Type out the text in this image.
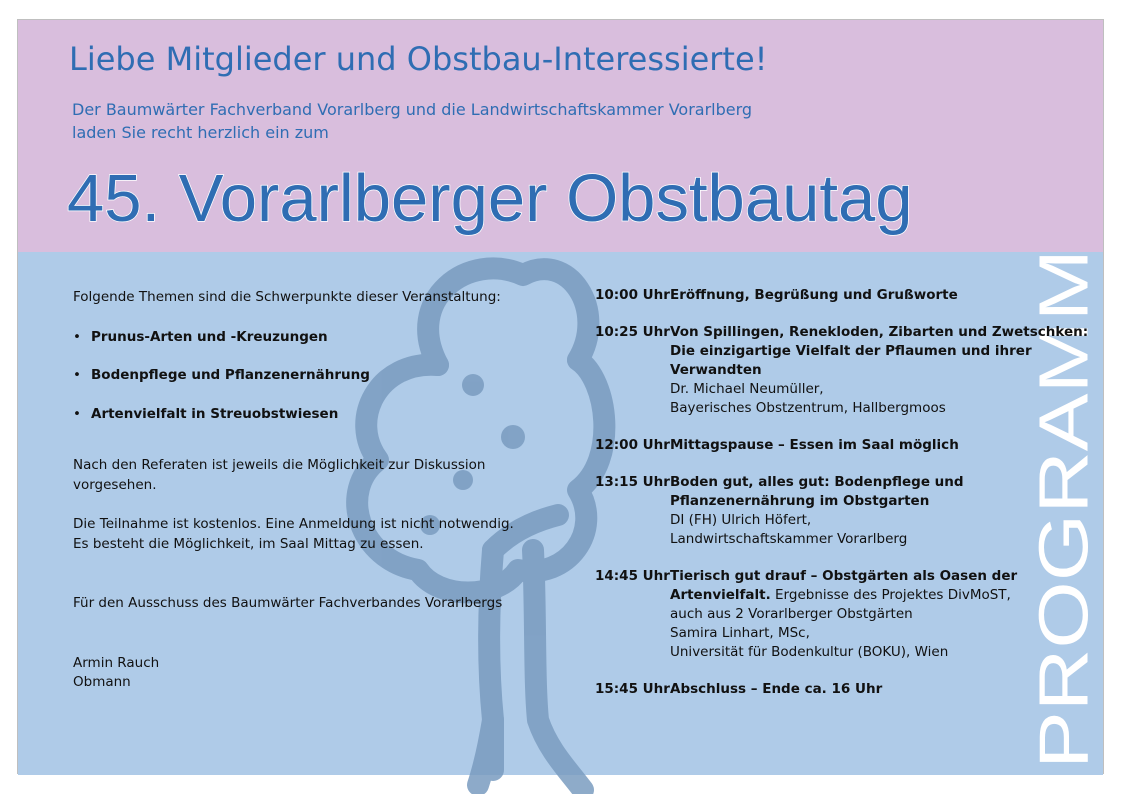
Liebe Mitglieder und Obstbau-Interessierte!
Der Baumwärter Fachverband Vorarlberg und die Landwirtschaftskammer Vorarlberg
laden Sie recht herzlich ein zum
45. Vorarlberger Obstbautag
PROGRAMM

Folgende Themen sind die Schwerpunkte dieser Veranstaltung:

• Prunus-Arten und -Kreuzungen
• Bodenpflege und Pflanzenernährung
• Artenvielfalt in Streuobstwiesen

Nach den Referaten ist jeweils die Möglichkeit zur Diskussion

vorgesehen.

Die Teilnahme ist kostenlos. Eine Anmeldung ist nicht notwendig.

Es besteht die Möglichkeit, im Saal Mittag zu essen.

Für den Ausschuss des Baumwärter Fachverbandes Vorarlbergs

Armin Rauch

Obmann

10:00 Uhr Eröffnung, Begrüßung und Grußworte
10:25 Uhr Von Spillingen, Renekloden, Zibarten und Zwetschken:
Die einzigartige Vielfalt der Pflaumen und ihrer
Verwandten
Dr. Michael Neumüller,
Bayerisches Obstzentrum, Hallbergmoos
12:00 Uhr Mittagspause – Essen im Saal möglich
13:15 Uhr Boden gut, alles gut: Bodenpflege und
Pflanzenernährung im Obstgarten
DI (FH) Ulrich Höfert,
Landwirtschaftskammer Vorarlberg
14:45 Uhr Tierisch gut drauf – Obstgärten als Oasen der
Artenvielfalt. Ergebnisse des Projektes DivMoST,
auch aus 2 Vorarlberger Obstgärten
Samira Linhart, MSc,
Universität für Bodenkultur (BOKU), Wien
15:45 Uhr Abschluss – Ende ca. 16 Uhr
